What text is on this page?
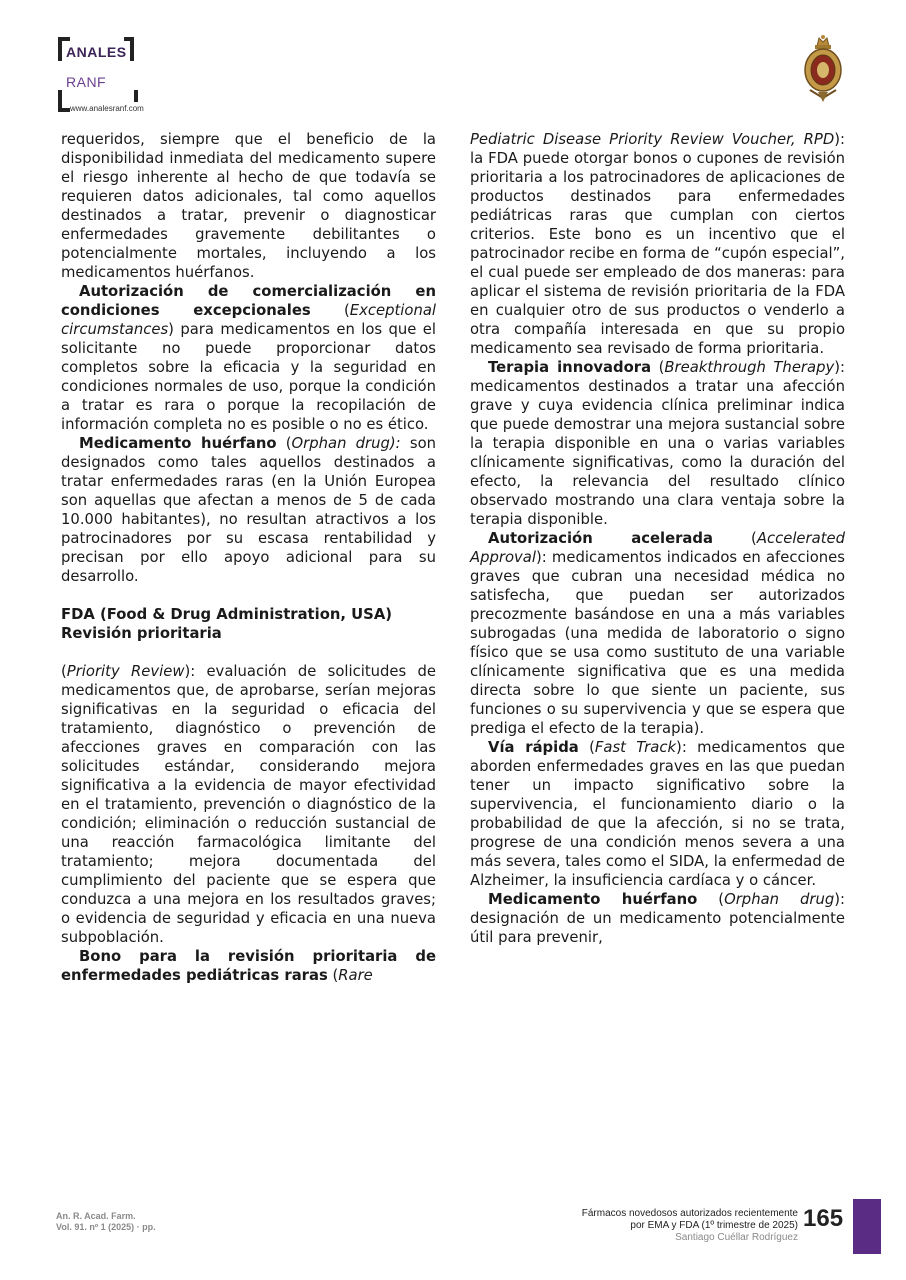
ANALES
RANF
www.analesranf.com

requeridos, siempre que el beneficio de la disponibilidad inmediata del medicamento supere el riesgo inherente al hecho de que todavía se requieren datos adicionales, tal como aquellos destinados a tratar, prevenir o diagnosticar enfermedades gravemente debilitantes o potencialmente mortales, incluyendo a los medicamentos huérfanos.

Autorización de comercialización en condiciones excepcionales (Exceptional circumstances) para medicamentos en los que el solicitante no puede proporcionar datos completos sobre la eficacia y la seguridad en condiciones normales de uso, porque la condición a tratar es rara o porque la recopilación de información completa no es posible o no es ético.

Medicamento huérfano (Orphan drug): son designados como tales aquellos destinados a tratar enfermedades raras (en la Unión Europea son aquellas que afectan a menos de 5 de cada 10.000 habitantes), no resultan atractivos a los patrocinadores por su escasa rentabilidad y precisan por ello apoyo adicional para su desarrollo.

FDA (Food & Drug Administration, USA)
Revisión prioritaria

(Priority Review): evaluación de solicitudes de medicamentos que, de aprobarse, serían mejoras significativas en la seguridad o eficacia del tratamiento, diagnóstico o prevención de afecciones graves en comparación con las solicitudes estándar, considerando mejora significativa a la evidencia de mayor efectividad en el tratamiento, prevención o diagnóstico de la condición; eliminación o reducción sustancial de una reacción farmacológica limitante del tratamiento; mejora documentada del cumplimiento del paciente que se espera que conduzca a una mejora en los resultados graves; o evidencia de seguridad y eficacia en una nueva subpoblación.

Bono para la revisión prioritaria de enfermedades pediátricas raras (Rare

Pediatric Disease Priority Review Voucher, RPD): la FDA puede otorgar bonos o cupones de revisión prioritaria a los patrocinadores de aplicaciones de productos destinados para enfermedades pediátricas raras que cumplan con ciertos criterios. Este bono es un incentivo que el patrocinador recibe en forma de “cupón especial”, el cual puede ser empleado de dos maneras: para aplicar el sistema de revisión prioritaria de la FDA en cualquier otro de sus productos o venderlo a otra compañía interesada en que su propio medicamento sea revisado de forma prioritaria.

Terapia innovadora (Breakthrough Therapy): medicamentos destinados a tratar una afección grave y cuya evidencia clínica preliminar indica que puede demostrar una mejora sustancial sobre la terapia disponible en una o varias variables clínicamente significativas, como la duración del efecto, la relevancia del resultado clínico observado mostrando una clara ventaja sobre la terapia disponible.

Autorización acelerada (Accelerated Approval): medicamentos indicados en afecciones graves que cubran una necesidad médica no satisfecha, que puedan ser autorizados precozmente basándose en una a más variables subrogadas (una medida de laboratorio o signo físico que se usa como sustituto de una variable clínicamente significativa que es una medida directa sobre lo que siente un paciente, sus funciones o su supervivencia y que se espera que prediga el efecto de la terapia).

Vía rápida (Fast Track): medicamentos que aborden enfermedades graves en las que puedan tener un impacto significativo sobre la supervivencia, el funcionamiento diario o la probabilidad de que la afección, si no se trata, progrese de una condición menos severa a una más severa, tales como el SIDA, la enfermedad de Alzheimer, la insuficiencia cardíaca y o cáncer.

Medicamento huérfano (Orphan drug): designación de un medicamento potencialmente útil para prevenir,

An. R. Acad. Farm.
Vol. 91. nº 1 (2025) · pp.
Fármacos novedosos autorizados recientemente
por EMA y FDA (1º trimestre de 2025)
Santiago Cuéllar Rodríguez
165
